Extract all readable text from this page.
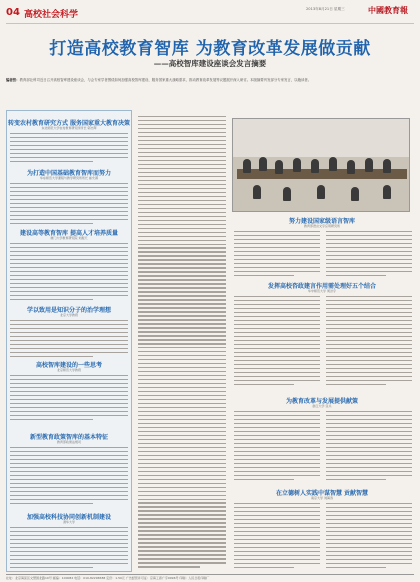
04 高校社会科学
2013年8月21日 星期三	中國教育報
打造高校教育智库 为教育改革发展做贡献
——高校智库建设座谈会发言摘要
编者按：教育部社科司近日召开高校智库建设座谈会，与会专家学者围绕如何加强高校智库建设、服务国家重大战略需求、推动教育改革发展等议题展开深入研讨。本版摘要刊发部分专家发言，以飨读者。
转变农村教育研究方式 服务国家重大教育决策
东北师范大学农村教育研究所所长 邬志辉
为打造中国基础教育智库而努力
华东师范大学课程与教学研究所所长 崔允漷
建设高等教育智库 提高人才培养质量
厦门大学教育研究院 刘振天
学以致用是知识分子的治学理想
北京大学教授
高校智库建设的一些思考
北京师范大学教授
新型教育政策智库的基本特征
教育部政策法规司
加强高校科技协同创新机制建设
清华大学
努力建设国家级语言智库
教育部语言文字应用研究所
发挥高校咨政建言作用需处理好五个结合
华中师范大学 周洪宇
为教育改革与发展提供献策
浙江大学 张兵
在立德树人实践中谋智慧 贡献智慧
南京大学 刘海涛
社址：北京海淀区文慧园北路10号 邮编：100082 电话：010-82296588 定价：1.50元 广告经营许可证：京海工商广字0096号 印刷：人民日报印刷厂
